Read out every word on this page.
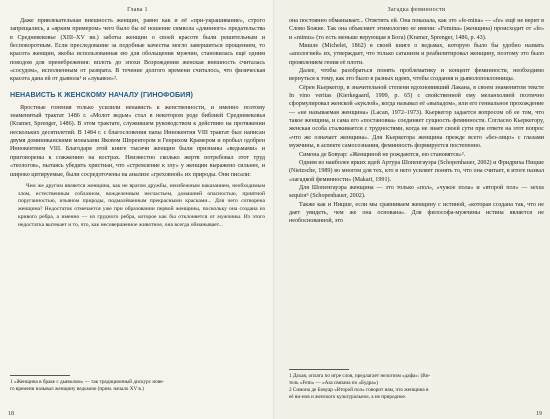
Глава 1

Даже привлекательная внешность женщин, равно как и её «при-украшивание», строго запрещались, а «ярким примером» чего было бы её ношение символа «длинного» предательства в Средневековье (XIII–XV вв.) заботы женщин о своей красоте были решительным и бесповоротным. Если преследование за подобные качества могло завершиться прощением, то красота женщин, якобы использованная ею для обольщения мужчин, становилась ещё одним поводом для пренебрежения: вплоть до эпохи Возрождения женская внешность считалась «сосудом», исполненным от разврата. В течение долгого времени считалось, что физическая красота дана ей от дьявола¹ и «лукавое»².

НЕНАВИСТЬ К ЖЕНСКОМУ НАЧАЛУ (ГИНОФОБИЯ)

Яростные гонения только усилили ненависть к женственности, и именно поэтому знаменитый трактат 1486 г. «Молот ведьм» стал в некотором роде библией Средневековья (Kramer, Sprenger, 1486). В этом трактате, служившем руководством к действию на протяжении нескольких десятилетий. В 1484 г. с благословения папы Иннокентия VIII трактат был написан двумя доминиканскими монахами Яковом Шпренгером и Генрихом Крамером и пробыл одобрен Иннокентием VIII. Благодаря этой книге тысячи женщин были признаны «ведьмами» и приговорены к сожжению на кострах. Неизвестно сколько жертв потребовал этот труд «теологов», пытаясь убедить христиан, что «стремление к злу» у женщин выражено сильнее, и широко цитируемые, были сосредоточены на анализе «греховной» их природы. Они писали:

Чем же другим является женщина, как не врагом дружбы, неизбежным наказанием, необходимым злом, естественным соблазном, вожделенным несчастьем, домашней опасностью, приятной поруганностью, изъяном природы, подмалёванным прекрасными красками... Для чего сотворена женщина? Недостаток отмечается уже при образовании первой женщины, поскольку она создана из кривого ребра, а именно — из грудного ребра, которое как бы отклоняется от мужчины. Из этого недостатка вытекает и то, что, как несовершенное животное, она всегда обманывает...

1 «Женщина в браке с дьяволом» — так традиционный дискурс нове-

го времени называл женщину ведьмою (прим. начало XV в.)

18
Загадка феминности

она постоянно обманывает... Ответить ей. Она показала, как это «fe-mina» — «fe» ещё не верит в Слово Божие. Так она объясняет этимологию ее имени: «Femina» (женщина) происходит от «fe» и «minus» (то есть меньше верующая в Бога) (Kramer, Sprenger, 1486, p. 43).

Мишле (Michelet, 1862) в своей книге о ведьмах, которую было бы удобно назвать «апологией» их, утверждает, что только сатанизм и реабилитировал женщину, поэтому это было проявлением гения её плоти.

Далее, чтобы разобраться понять проблематику и концепт феминности, необходимо вернуться к тому, как это было в разных идеях, чтобы создания и дьяволопоклонницы.

Сёрен Кьеркегор, в значительной степени вдохновивший Лакана, в своем знаменитом тексте In vino veritas (Kierkegaard, 1999, p. 65) с свойственной ему меланхолией поэтично сформулировал женской «куклой», когда называл её «выпадом», или его гениальное прохождение — «не называемая женщина» (Lacan, 1972–1973). Кьеркегор задается вопросом об ее том, что такое женщина, и сама его «постановка» соединяет сущность феминности. Согласно Кьеркегору, женская особа сталкивается с трудностями, когда не знает своей сути при ответе на этот вопрос «что же означает женщина». Для Кьеркегора женщина прежде всего «без-лицо» с глазами мужчины, в аспекте самосознания, феминность формируется постепенно.

Симона де Бовуар: «Женщиной не рождаются, ею становятся»³.

Одним из наиболее ярких идей Артура Шопенгауэра (Schopenhauer, 2002) и Фридриха Ницше (Nietzsche, 1989) во многом для тех, кто в него усиляет понять то, что она считает, в итоге назвал «загадкой феминности» (Makari, 1991).

Для Шопенгауэра женщина — это только «пол», «чужое пола» и «второй пол» — sexus sequior¹ (Schopenhauer, 2002).

Также как и Ницше, если мы сравниваем женщину с истиной, «которая создана так, что не дает увидеть, чем же она основана». Для философа-мужчины истина является не необоснованной, это

1 Дахая, оплата по игре слов, предлагает нелогизм «дафа»: (Ви-

тель «Fem» — «Аза связана по «Будра»)

2 Симона де Бовуар «Второй пол» говорит нам, что женщина в

её ви-нов и женского культуральное, а не природное.

19
